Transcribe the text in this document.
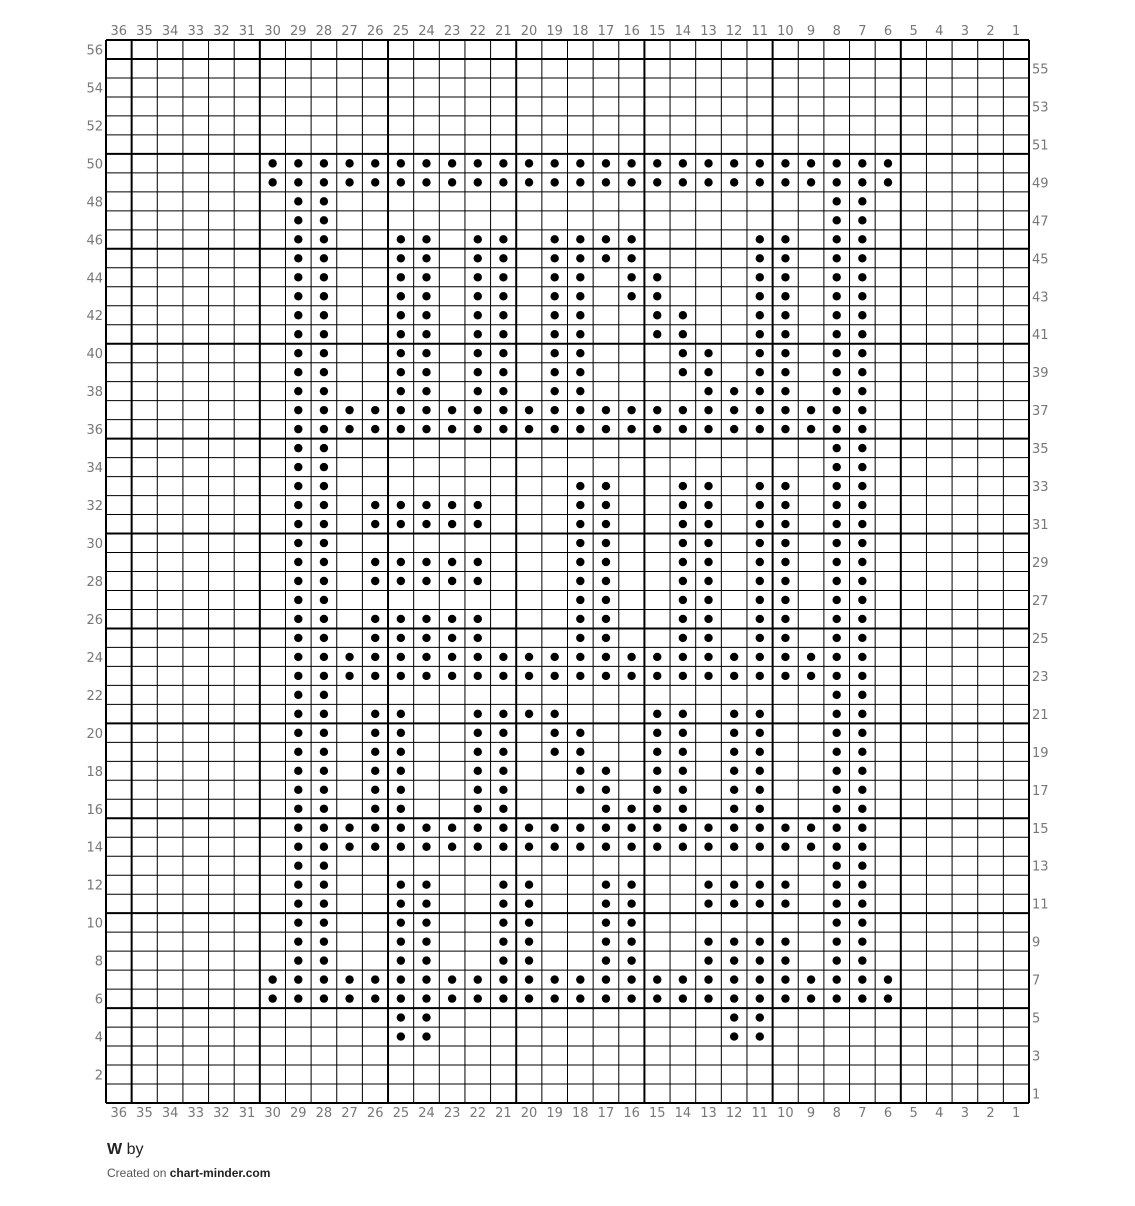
1
1
2
2
3
3
4
4
5
5
6
6
7
7
8
8
9
9
10
10
11
11
12
12
13
13
14
14
15
15
16
16
17
17
18
18
19
19
20
20
21
21
22
22
23
23
24
24
25
25
26
26
27
27
28
28
29
29
30
30
31
31
32
32
33
33
34
34
35
35
36
36
1
2
3
4
5
6
7
8
9
10
11
12
13
14
15
16
17
18
19
20
21
22
23
24
25
26
27
28
29
30
31
32
33
34
35
36
37
38
39
40
41
42
43
44
45
46
47
48
49
50
51
52
53
54
55
56
W by
Created on chart-minder.com
